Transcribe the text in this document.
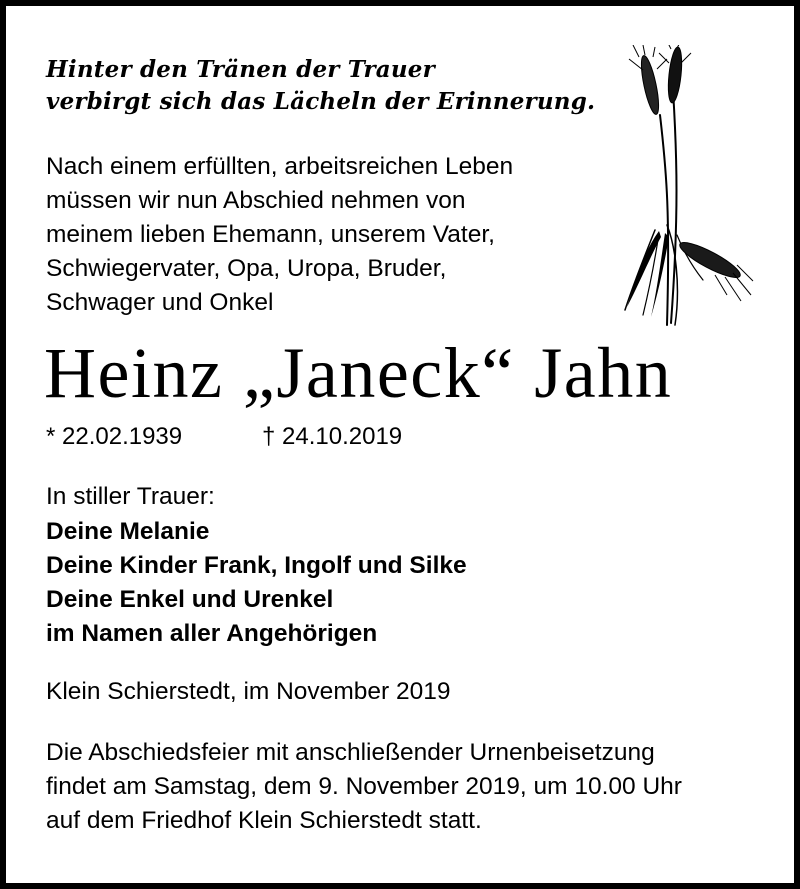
Hinter den Tränen der Trauer
verbirgt sich das Lächeln der Erinnerung.
Nach einem erfüllten, arbeitsreichen Leben
müssen wir nun Abschied nehmen von
meinem lieben Ehemann, unserem Vater,
Schwiegervater, Opa, Uropa, Bruder,
Schwager und Onkel
Heinz „Janeck“ Jahn
* 22.02.1939	† 24.10.2019
In stiller Trauer:
Deine Melanie
Deine Kinder Frank, Ingolf und Silke
Deine Enkel und Urenkel
im Namen aller Angehörigen
Klein Schierstedt, im November 2019
Die Abschiedsfeier mit anschließender Urnenbeisetzung
findet am Samstag, dem 9. November 2019, um 10.00 Uhr
auf dem Friedhof Klein Schierstedt statt.
